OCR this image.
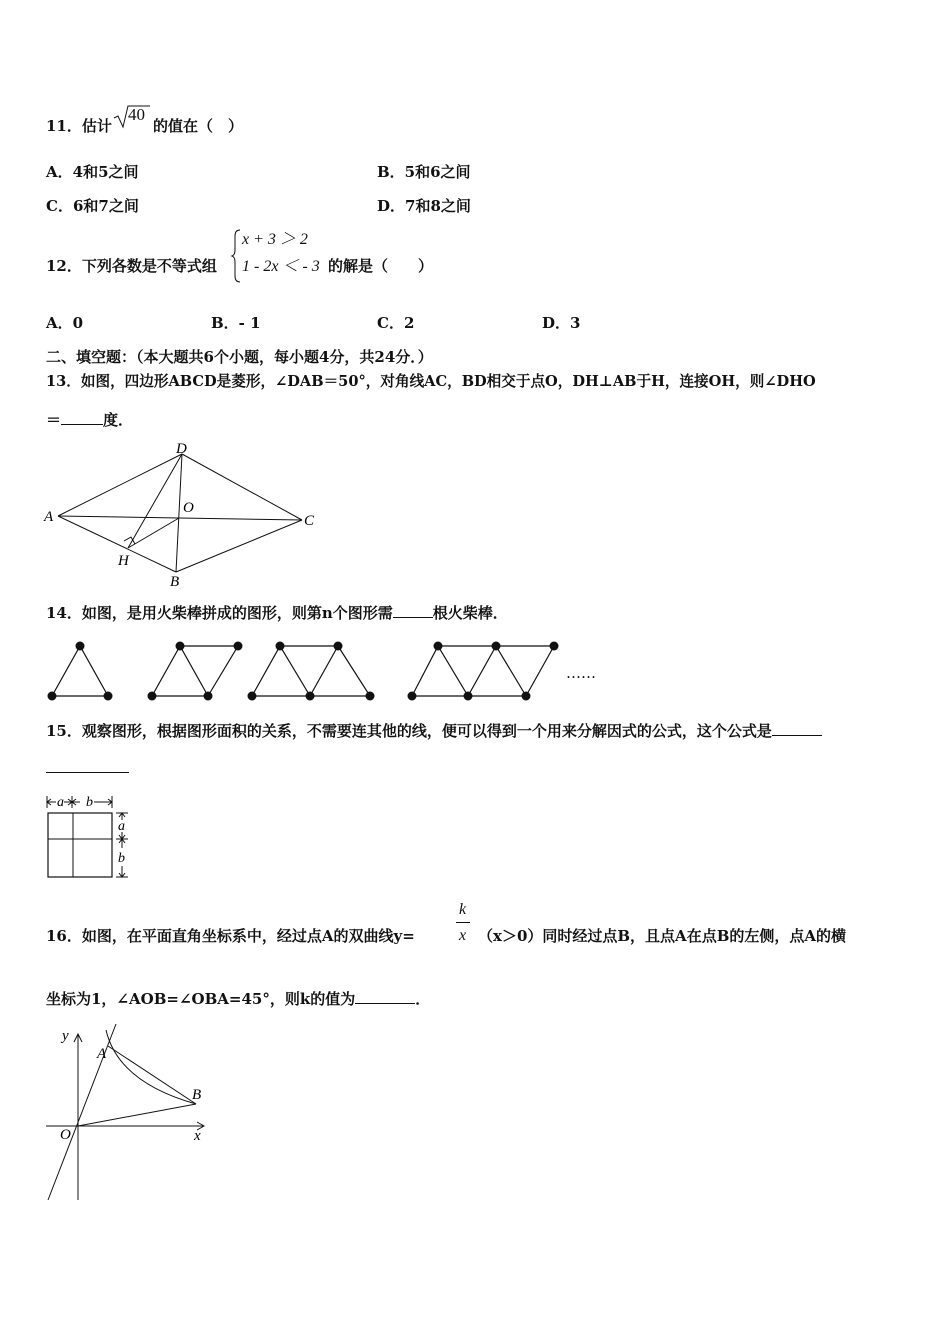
11．估计
40
的值在（　）
A．4和5之间	B．5和6之间
C．6和7之间	D．7和8之间
12．下列各数是不等式组
x + 3 ＞ 2
1 - 2x ＜ - 3 的解是（　　）
A．0	B．- 1	C．2	D．3
二、填空题：（本大题共6个小题，每小题4分，共24分．）
13．如图，四边形ABCD是菱形，∠DAB＝50°，对角线AC，BD相交于点O，DH⊥AB于H，连接OH，则∠DHO
＝	度．
A
D
C
B
O
H
14．如图，是用火柴棒拼成的图形，则第n个图形需	根火柴棒．
……
15．观察图形，根据图形面积的关系，不需要连其他的线，便可以得到一个用来分解因式的公式，这个公式是
a b
a
b
16．如图，在平面直角坐标系中，经过点A的双曲线y=
k
x （x＞0）同时经过点B，且点A在点B的左侧，点A的横
坐标为1，∠AOB=∠OBA=45°，则k的值为	．
y
x
O
A
B
